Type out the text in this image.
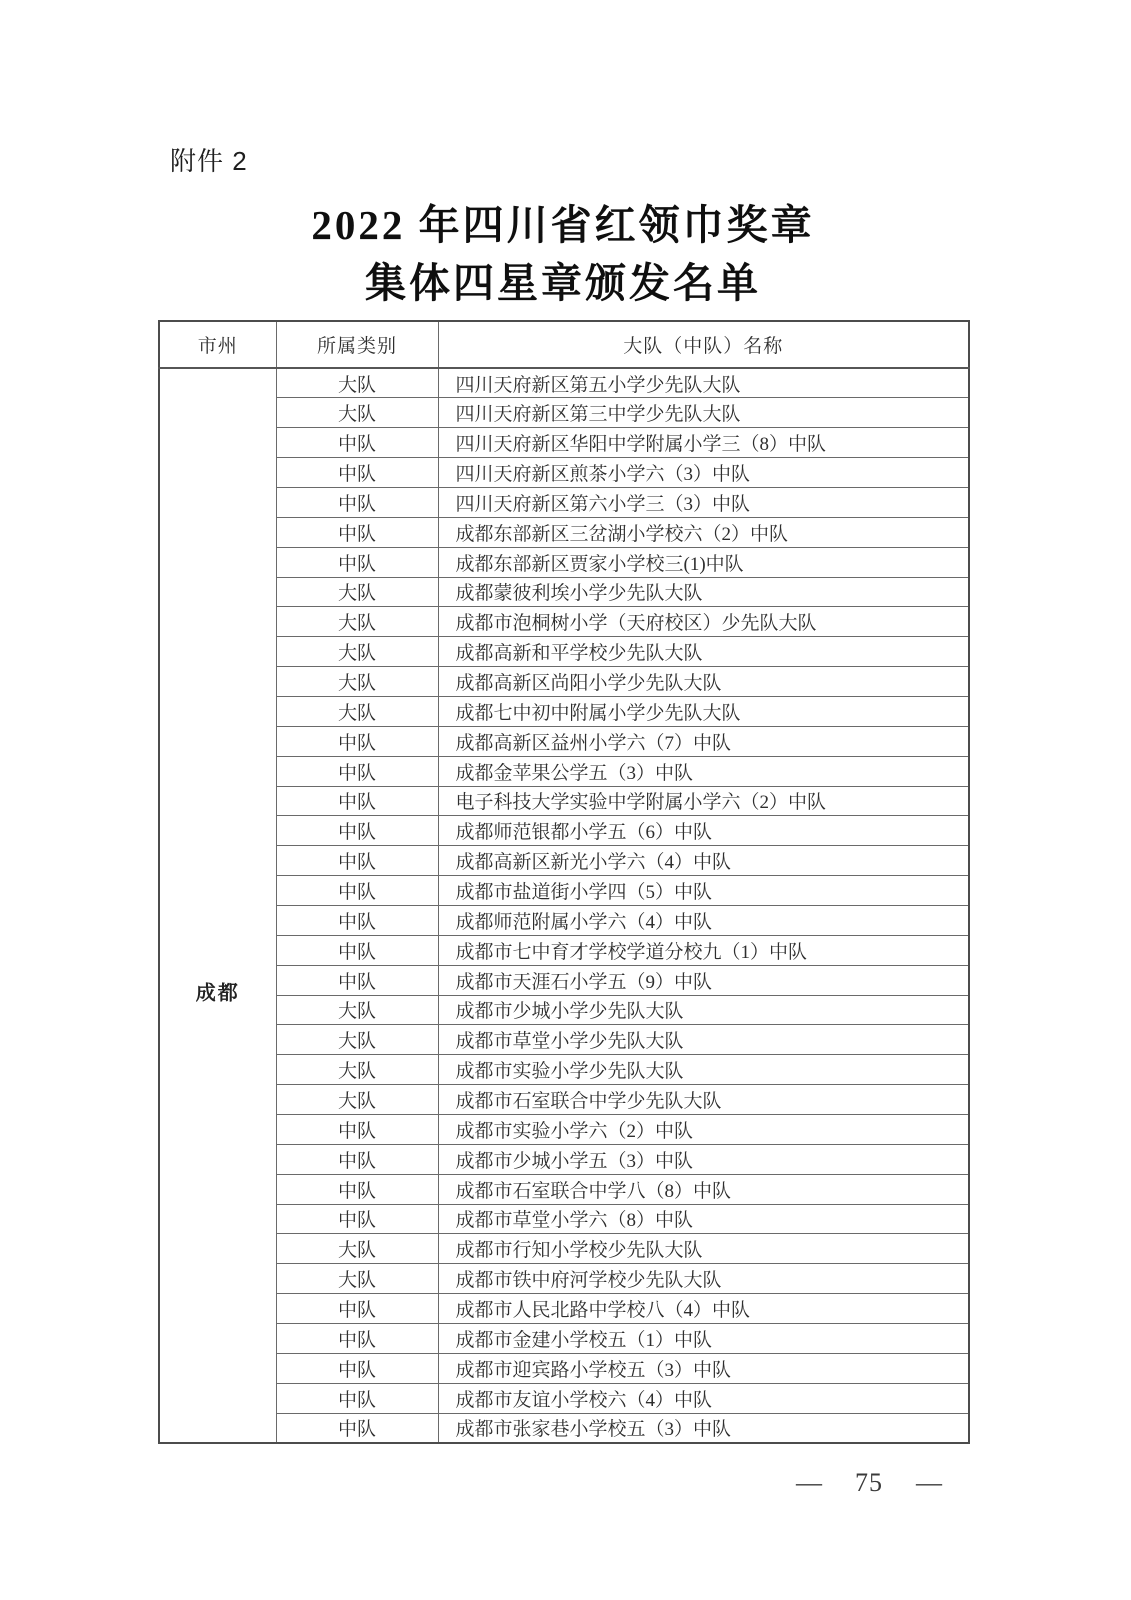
附件 2
2022 年四川省红领巾奖章
集体四星章颁发名单
市州	所属类别	大队（中队）名称

成都	大队	四川天府新区第五小学少先队大队
	大队	四川天府新区第三中学少先队大队
	中队	四川天府新区华阳中学附属小学三（8）中队
	中队	四川天府新区煎茶小学六（3）中队
	中队	四川天府新区第六小学三（3）中队
	中队	成都东部新区三岔湖小学校六（2）中队
	中队	成都东部新区贾家小学校三(1)中队
	大队	成都蒙彼利埃小学少先队大队
	大队	成都市泡桐树小学（天府校区）少先队大队
	大队	成都高新和平学校少先队大队
	大队	成都高新区尚阳小学少先队大队
	大队	成都七中初中附属小学少先队大队
	中队	成都高新区益州小学六（7）中队
	中队	成都金苹果公学五（3）中队
	中队	电子科技大学实验中学附属小学六（2）中队
	中队	成都师范银都小学五（6）中队
	中队	成都高新区新光小学六（4）中队
	中队	成都市盐道街小学四（5）中队
	中队	成都师范附属小学六（4）中队
	中队	成都市七中育才学校学道分校九（1）中队
	中队	成都市天涯石小学五（9）中队
	大队	成都市少城小学少先队大队
	大队	成都市草堂小学少先队大队
	大队	成都市实验小学少先队大队
	大队	成都市石室联合中学少先队大队
	中队	成都市实验小学六（2）中队
	中队	成都市少城小学五（3）中队
	中队	成都市石室联合中学八（8）中队
	中队	成都市草堂小学六（8）中队
	大队	成都市行知小学校少先队大队
	大队	成都市铁中府河学校少先队大队
	中队	成都市人民北路中学校八（4）中队
	中队	成都市金建小学校五（1）中队
	中队	成都市迎宾路小学校五（3）中队
	中队	成都市友谊小学校六（4）中队
	中队	成都市张家巷小学校五（3）中队
— 75 —
